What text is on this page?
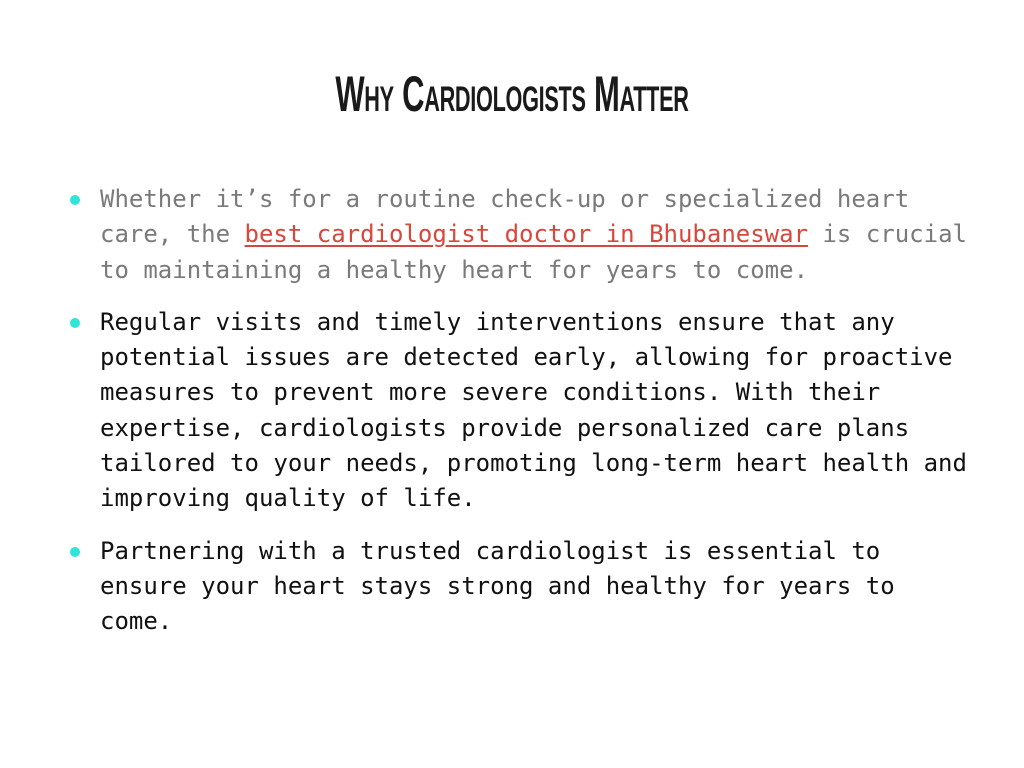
Why Cardiologists Matter
Whether it’s for a routine check-up or specialized heart care, the best cardiologist doctor in Bhubaneswar is crucial to maintaining a healthy heart for years to come.
Regular visits and timely interventions ensure that any potential issues are detected early, allowing for proactive measures to prevent more severe conditions. With their expertise, cardiologists provide personalized care plans tailored to your needs, promoting long-term heart health and improving quality of life.
Partnering with a trusted cardiologist is essential to ensure your heart stays strong and healthy for years to come.
